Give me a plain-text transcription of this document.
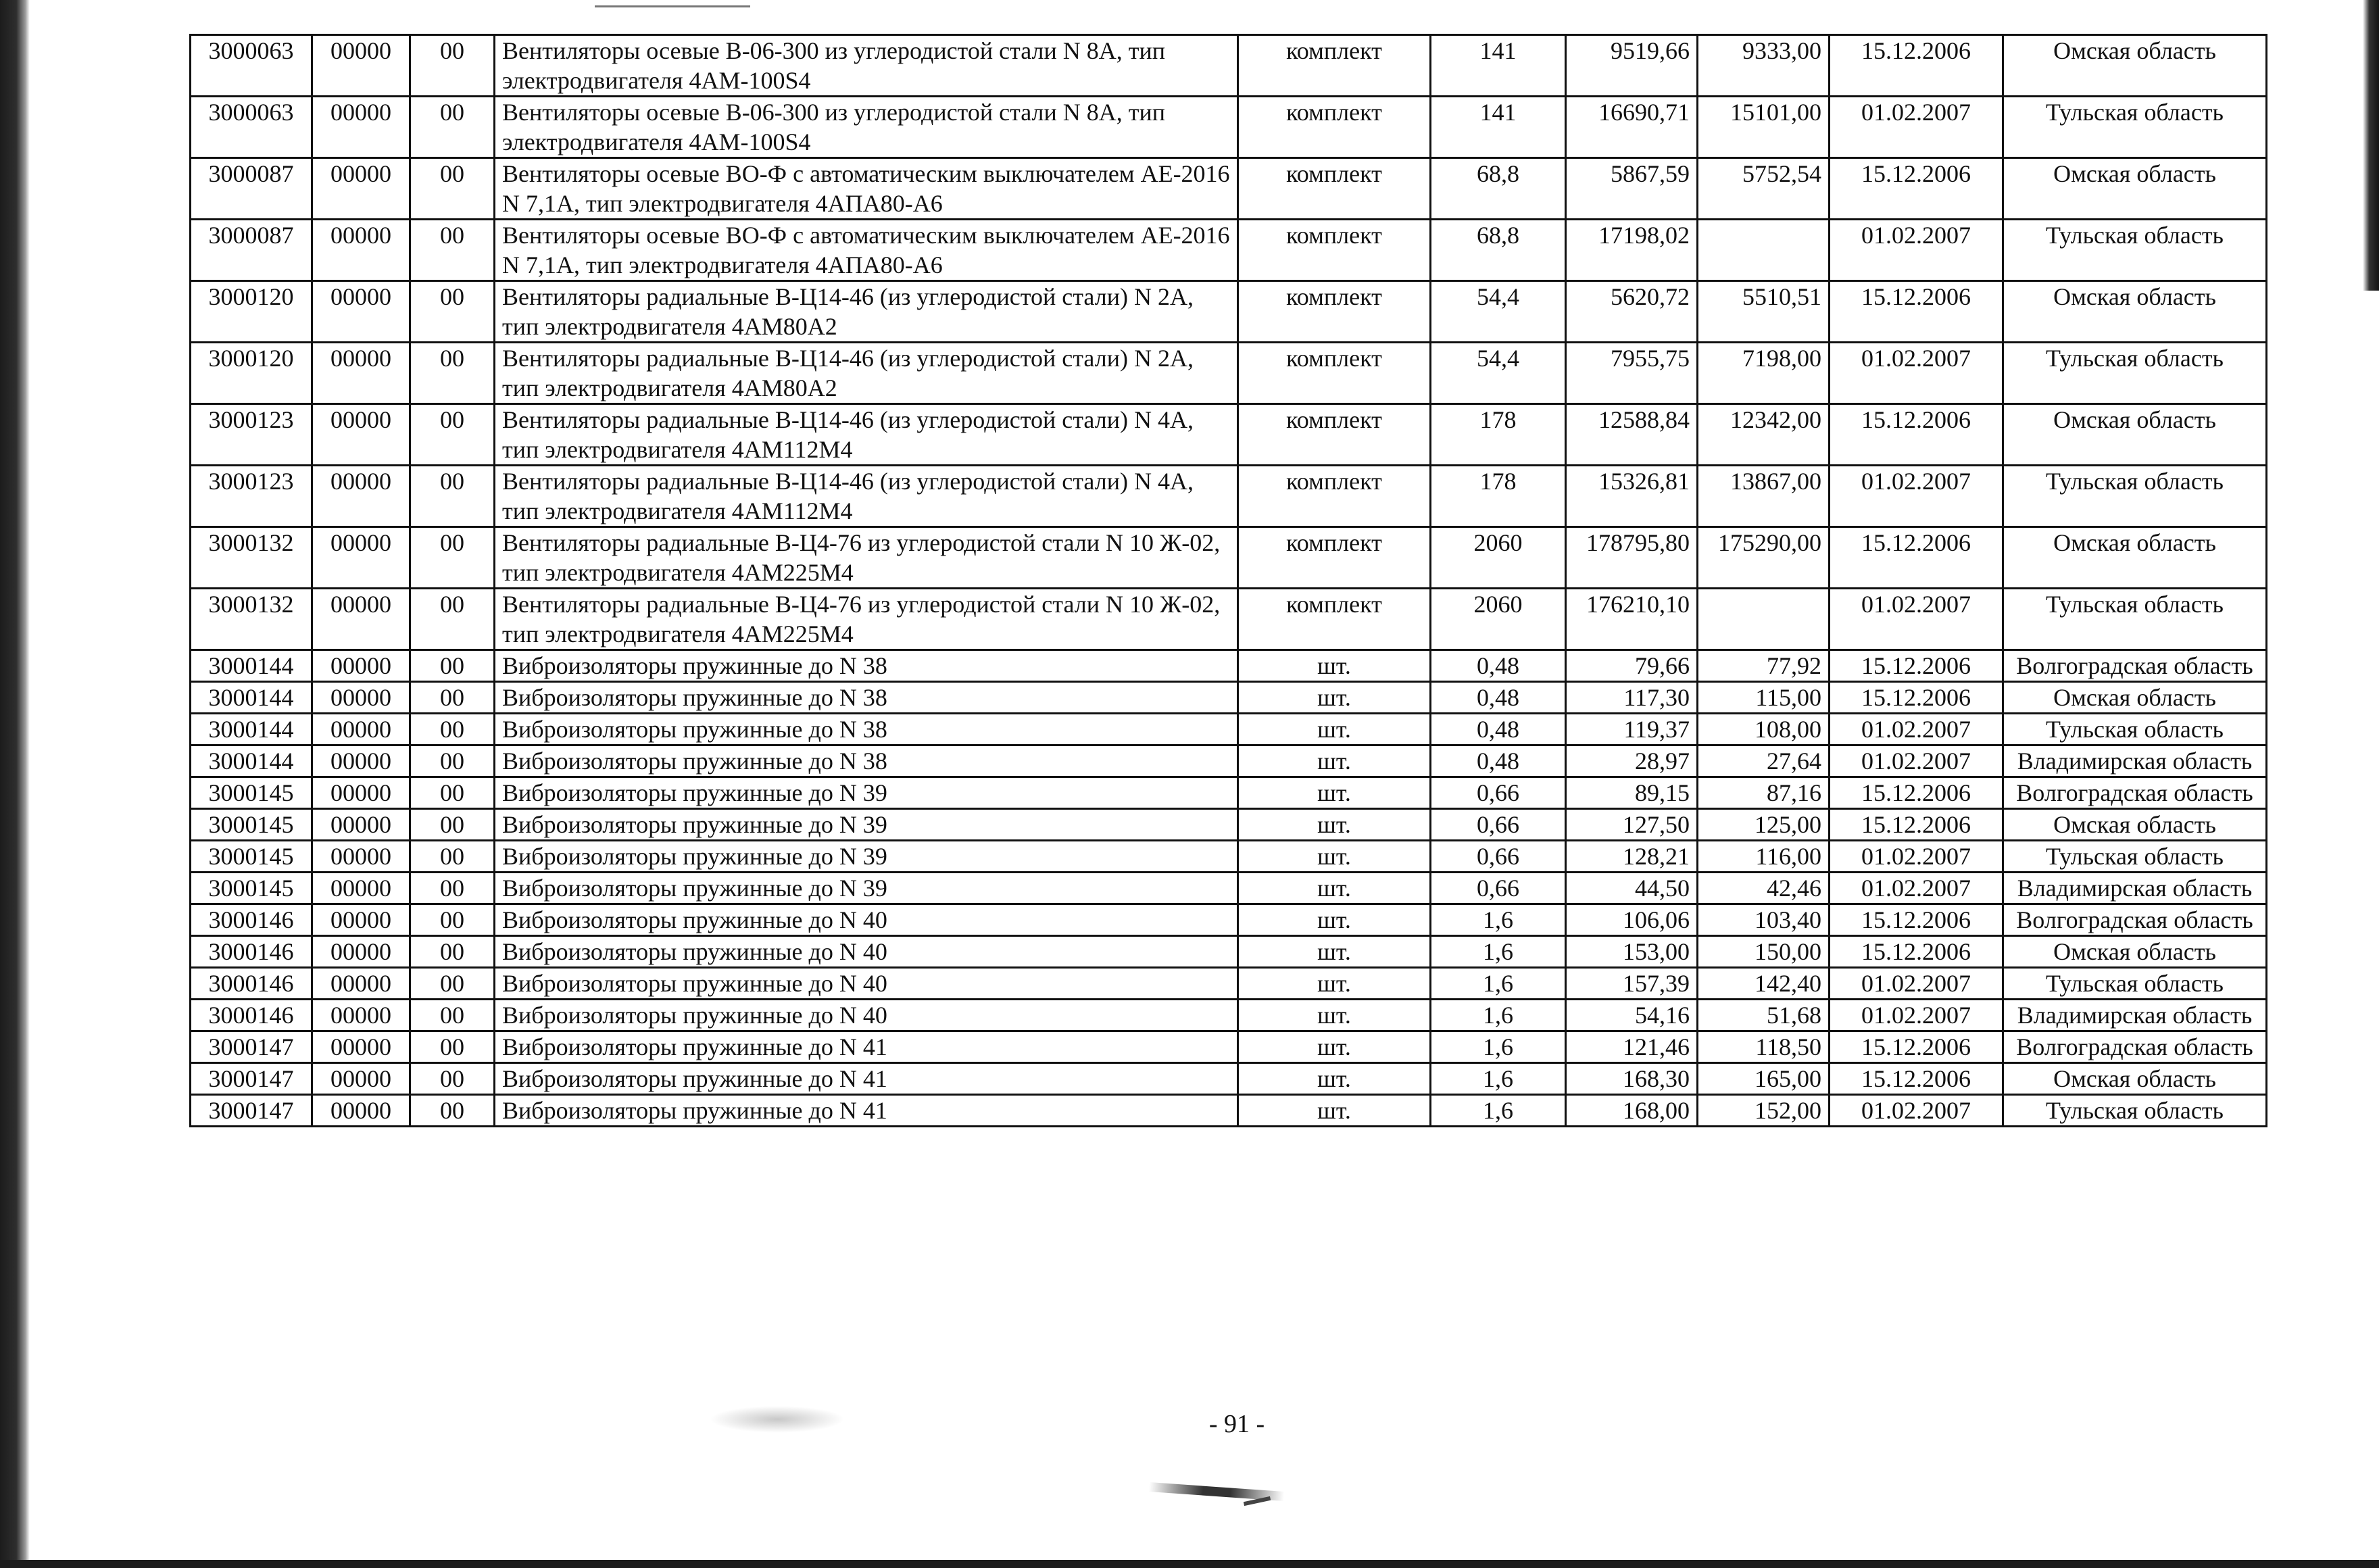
3000063	00000	00	Вентиляторы осевые В-06-300 из углеродистой стали N 8А, тип электродвигателя 4АМ-100S4	комплект	141	9519,66	9333,00	15.12.2006	Омская область
3000063	00000	00	Вентиляторы осевые В-06-300 из углеродистой стали N 8А, тип электродвигателя 4АМ-100S4	комплект	141	16690,71	15101,00	01.02.2007	Тульская область
3000087	00000	00	Вентиляторы осевые ВО-Ф с автоматическим выключателем АЕ-2016 N 7,1А, тип электродвигателя 4АПА80-А6	комплект	68,8	5867,59	5752,54	15.12.2006	Омская область
3000087	00000	00	Вентиляторы осевые ВО-Ф с автоматическим выключателем АЕ-2016 N 7,1А, тип электродвигателя 4АПА80-А6	комплект	68,8	17198,02		01.02.2007	Тульская область
3000120	00000	00	Вентиляторы радиальные В-Ц14-46 (из углеродистой стали) N 2А, тип электродвигателя 4АМ80А2	комплект	54,4	5620,72	5510,51	15.12.2006	Омская область
3000120	00000	00	Вентиляторы радиальные В-Ц14-46 (из углеродистой стали) N 2А, тип электродвигателя 4АМ80А2	комплект	54,4	7955,75	7198,00	01.02.2007	Тульская область
3000123	00000	00	Вентиляторы радиальные В-Ц14-46 (из углеродистой стали) N 4А, тип электродвигателя 4АМ112М4	комплект	178	12588,84	12342,00	15.12.2006	Омская область
3000123	00000	00	Вентиляторы радиальные В-Ц14-46 (из углеродистой стали) N 4А, тип электродвигателя 4АМ112М4	комплект	178	15326,81	13867,00	01.02.2007	Тульская область
3000132	00000	00	Вентиляторы радиальные В-Ц4-76 из углеродистой стали N 10 Ж-02, тип электродвигателя 4АМ225М4	комплект	2060	178795,80	175290,00	15.12.2006	Омская область
3000132	00000	00	Вентиляторы радиальные В-Ц4-76 из углеродистой стали N 10 Ж-02, тип электродвигателя 4АМ225М4	комплект	2060	176210,10		01.02.2007	Тульская область
3000144	00000	00	Виброизоляторы пружинные до N 38	шт.	0,48	79,66	77,92	15.12.2006	Волгоградская область
3000144	00000	00	Виброизоляторы пружинные до N 38	шт.	0,48	117,30	115,00	15.12.2006	Омская область
3000144	00000	00	Виброизоляторы пружинные до N 38	шт.	0,48	119,37	108,00	01.02.2007	Тульская область
3000144	00000	00	Виброизоляторы пружинные до N 38	шт.	0,48	28,97	27,64	01.02.2007	Владимирская область
3000145	00000	00	Виброизоляторы пружинные до N 39	шт.	0,66	89,15	87,16	15.12.2006	Волгоградская область
3000145	00000	00	Виброизоляторы пружинные до N 39	шт.	0,66	127,50	125,00	15.12.2006	Омская область
3000145	00000	00	Виброизоляторы пружинные до N 39	шт.	0,66	128,21	116,00	01.02.2007	Тульская область
3000145	00000	00	Виброизоляторы пружинные до N 39	шт.	0,66	44,50	42,46	01.02.2007	Владимирская область
3000146	00000	00	Виброизоляторы пружинные до N 40	шт.	1,6	106,06	103,40	15.12.2006	Волгоградская область
3000146	00000	00	Виброизоляторы пружинные до N 40	шт.	1,6	153,00	150,00	15.12.2006	Омская область
3000146	00000	00	Виброизоляторы пружинные до N 40	шт.	1,6	157,39	142,40	01.02.2007	Тульская область
3000146	00000	00	Виброизоляторы пружинные до N 40	шт.	1,6	54,16	51,68	01.02.2007	Владимирская область
3000147	00000	00	Виброизоляторы пружинные до N 41	шт.	1,6	121,46	118,50	15.12.2006	Волгоградская область
3000147	00000	00	Виброизоляторы пружинные до N 41	шт.	1,6	168,30	165,00	15.12.2006	Омская область
3000147	00000	00	Виброизоляторы пружинные до N 41	шт.	1,6	168,00	152,00	01.02.2007	Тульская область
- 91 -
